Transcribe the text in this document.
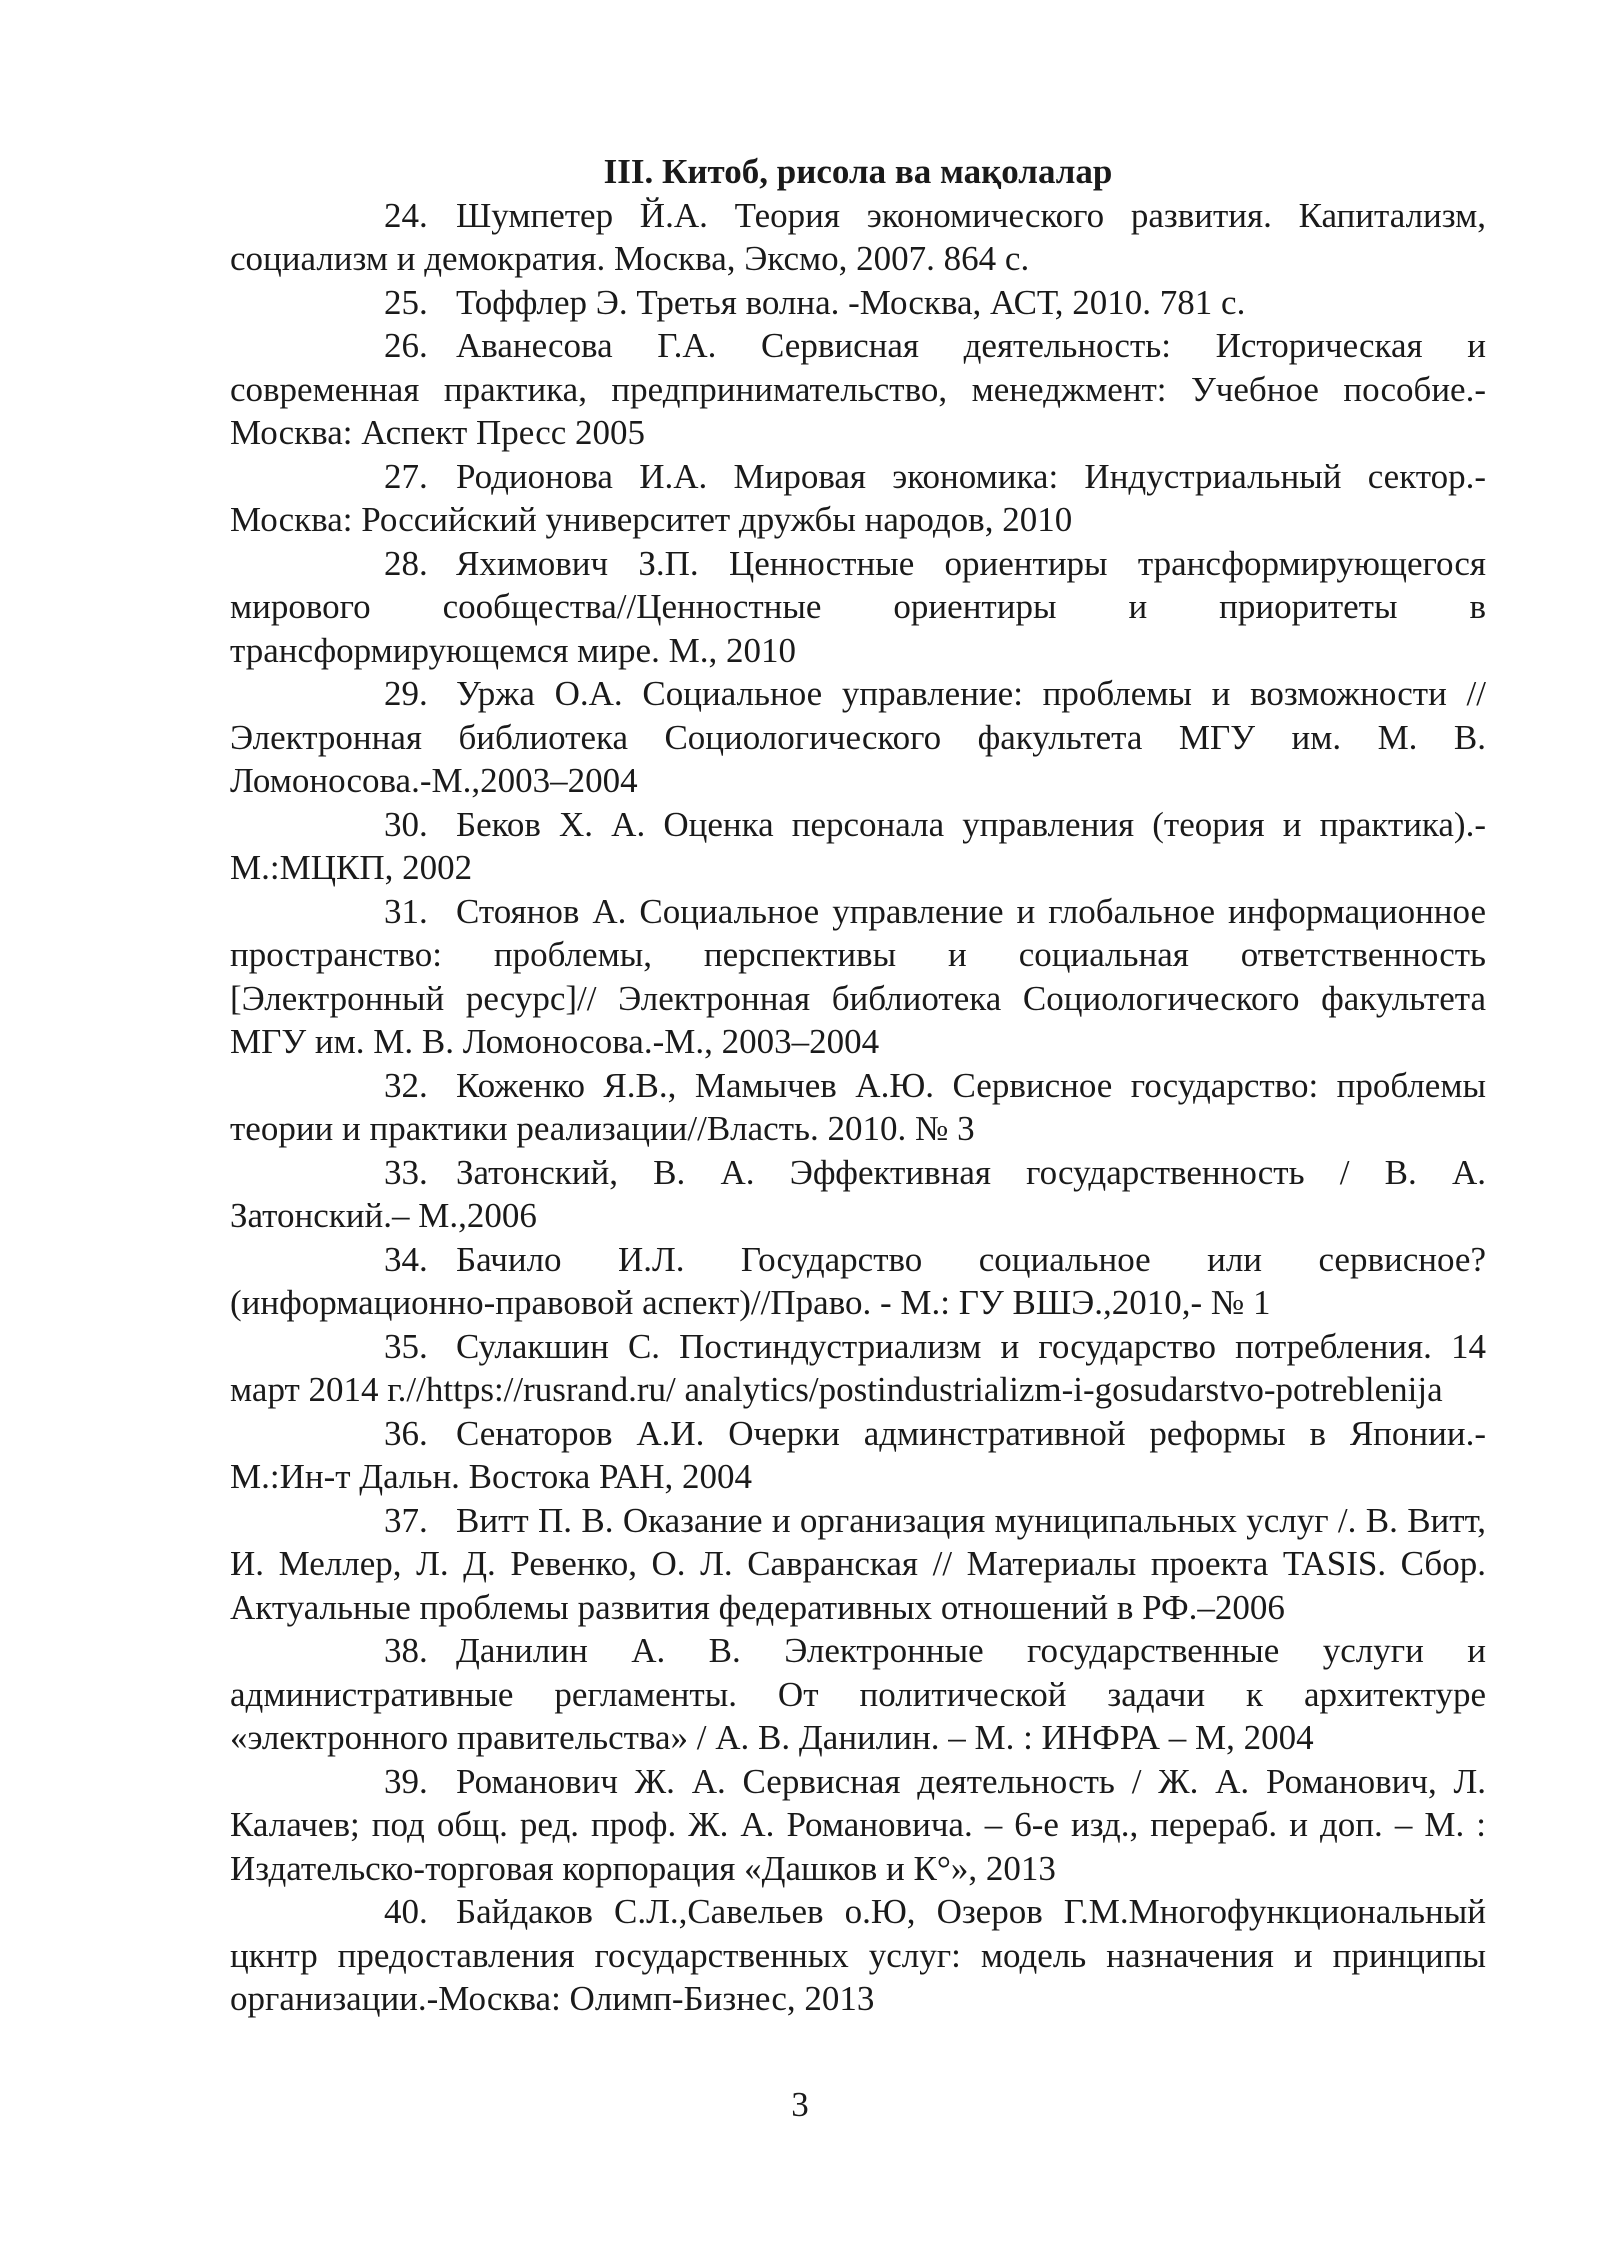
III. Китоб, рисола ва мақолалар

24. Шумпетер Й.А. Теория экономического развития. Капитализм, социализм и демократия. Москва, Эксмо, 2007. 864 с.

25. Тоффлер Э. Третья волна. -Москва, АСТ, 2010. 781 с.

26. Аванесова Г.А. Сервисная деятельность: Историческая и современная практика, предпринимательство, менеджмент: Учебное пособие.-Москва: Аспект Пресс 2005

27. Родионова И.А. Мировая экономика: Индустриальный сектор.-Москва: Российский университет дружбы народов, 2010

28. Яхимович З.П. Ценностные ориентиры трансформирующегося мирового сообщества//Ценностные ориентиры и приоритеты в трансформирующемся мире. М., 2010

29. Уржа О.А. Социальное управление: проблемы и возможности // Электронная библиотека Социологического факультета МГУ им. М. В. Ломоносова.-М.,2003–2004

30. Беков Х. А. Оценка персонала управления (теория и практика).-М.:МЦКП, 2002

31. Стоянов А. Социальное управление и глобальное информационное пространство: проблемы, перспективы и социальная ответственность [Электронный ресурс]// Электронная библиотека Социологического факультета МГУ им. М. В. Ломоносова.-М., 2003–2004

32. Коженко Я.В., Мамычев А.Ю. Сервисное государство: проблемы теории и практики реализации//Власть. 2010. № 3

33. Затонский, В. А. Эффективная государственность / В. А. Затонский.– М.,2006

34. Бачило И.Л. Государство социальное или сервисное? (информационно-правовой аспект)//Право. - М.: ГУ ВШЭ.,2010,- № 1

35. Сулакшин С. Постиндустриализм и государство потребления. 14 март 2014 г.//https://rusrand.ru/ analytics/postindustrializm-i-gosudarstvo-potreblenija

36. Сенаторов А.И. Очерки админстративной реформы в Японии.-М.:Ин-т Дальн. Востока РАН, 2004

37. Витт П. В. Оказание и организация муниципальных услуг /. В. Витт, И. Меллер, Л. Д. Ревенко, О. Л. Савранская // Материалы проекта TASIS. Сбор. Актуальные проблемы развития федеративных отношений в РФ.–2006

38. Данилин А. В. Электронные государственные услуги и административные регламенты. От политической задачи к архитектуре «электронного правительства» / А. В. Данилин. – М. : ИНФРА – М, 2004

39. Романович Ж. А. Сервисная деятельность / Ж. А. Романович, Л. Калачев; под общ. ред. проф. Ж. А. Романовича. – 6-е изд., перераб. и доп. – М. : Издательско-торговая корпорация «Дашков и К°», 2013

40. Байдаков С.Л.,Савельев о.Ю, Озеров Г.М.Многофункциональный цкнтр предоставления государственных услуг: модель назначения и принципы организации.-Москва: Олимп-Бизнес, 2013

3
